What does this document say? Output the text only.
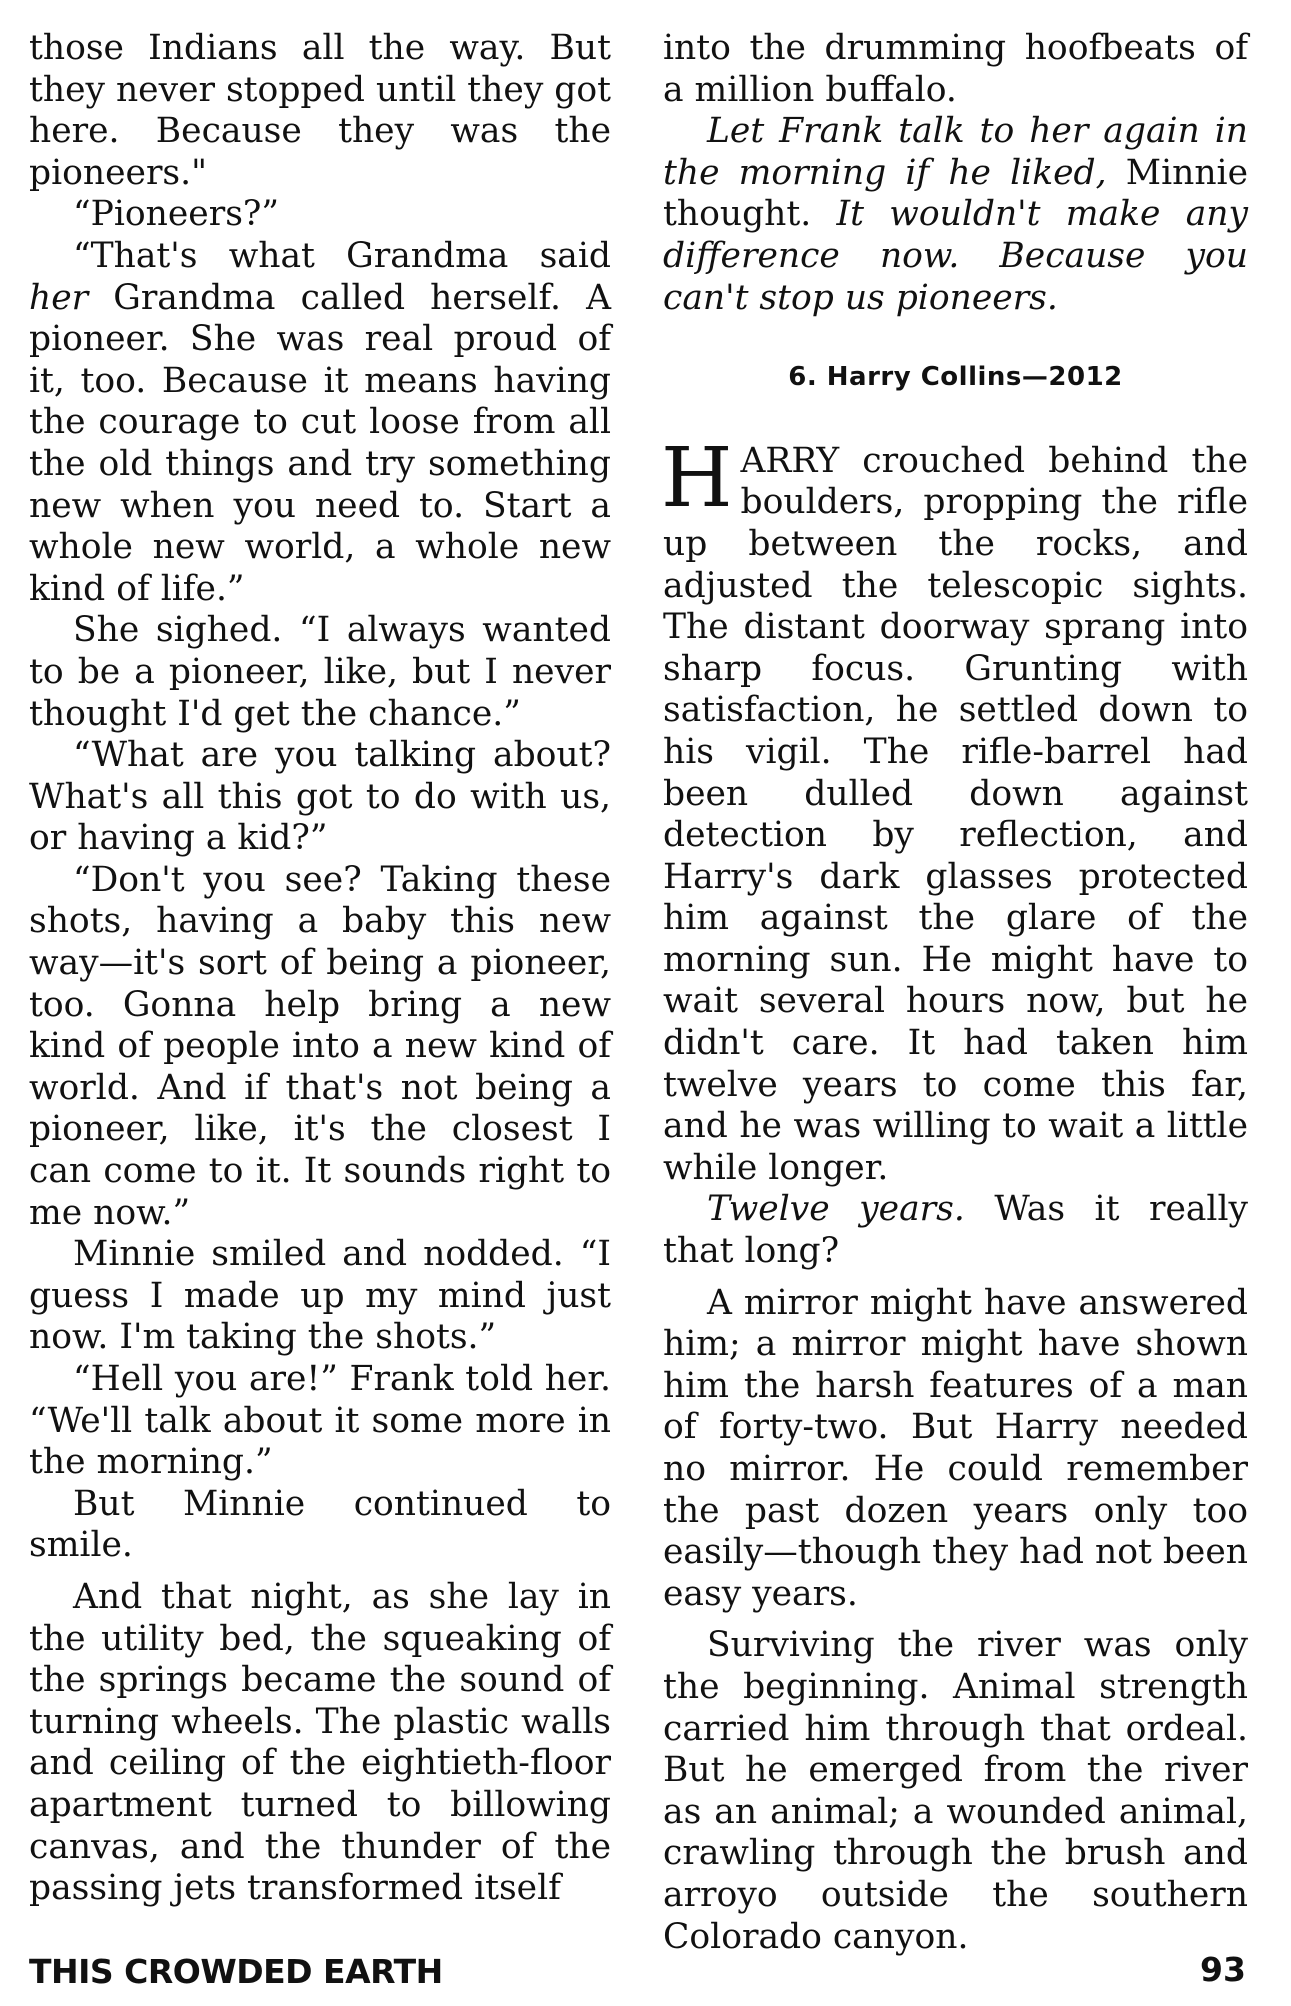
those Indians all the way. But they never stopped until they got here. Because they was the pioneers."

“Pioneers?”

“That's what Grandma said her Grandma called herself. A pioneer. She was real proud of it, too. Because it means having the courage to cut loose from all the old things and try something new when you need to. Start a whole new world, a whole new kind of life.”

She sighed. “I always wanted to be a pioneer, like, but I never thought I'd get the chance.”

“What are you talking about? What's all this got to do with us, or having a kid?”

“Don't you see? Taking these shots, having a baby this new way—it's sort of being a pioneer, too. Gonna help bring a new kind of people into a new kind of world. And if that's not being a pioneer, like, it's the closest I can come to it. It sounds right to me now.”

Minnie smiled and nodded. “I guess I made up my mind just now. I'm taking the shots.”

“Hell you are!” Frank told her. “We'll talk about it some more in the morning.”

But Minnie continued to smile.

And that night, as she lay in the utility bed, the squeaking of the springs became the sound of turning wheels. The plastic walls and ceiling of the eightieth-floor apartment turned to billowing canvas, and the thunder of the passing jets transformed itself

into the drumming hoofbeats of a million buffalo.

Let Frank talk to her again in the morning if he liked, Minnie thought. It wouldn't make any difference now. Because you can't stop us pioneers.

6. Harry Collins—2012

HARRY crouched behind the boulders, propping the rifle up between the rocks, and adjusted the telescopic sights. The distant doorway sprang into sharp focus. Grunting with satisfaction, he settled down to his vigil. The rifle-barrel had been dulled down against detection by reflection, and Harry's dark glasses protected him against the glare of the morning sun. He might have to wait several hours now, but he didn't care. It had taken him twelve years to come this far, and he was willing to wait a little while longer.

Twelve years. Was it really that long?

A mirror might have answered him; a mirror might have shown him the harsh features of a man of forty-two. But Harry needed no mirror. He could remember the past dozen years only too easily—though they had not been easy years.

Surviving the river was only the beginning. Animal strength carried him through that ordeal. But he emerged from the river as an animal; a wounded animal, crawling through the brush and arroyo outside the southern Colorado canyon.

THIS CROWDED EARTH	93
